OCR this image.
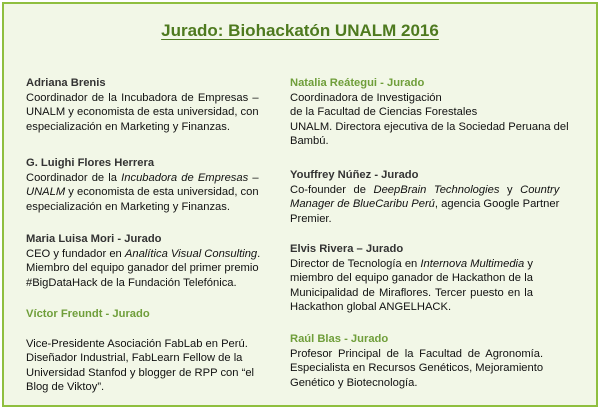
Jurado: Biohackatón UNALM 2016
Adriana Brenis
Coordinador de la Incubadora de Empresas –
UNALM y economista de esta universidad, con
especialización en Marketing y Finanzas.
G. Luighi Flores Herrera
Coordinador de la Incubadora de Empresas –
UNALM y economista de esta universidad, con
especialización en Marketing y Finanzas.
Maria Luisa Mori - Jurado
CEO y fundador en Analítica Visual Consulting.
Miembro del equipo ganador del primer premio
#BigDataHack de la Fundación Telefónica.
Víctor Freundt - Jurado
Vice-Presidente Asociación FabLab en Perú.
Diseñador Industrial, FabLearn Fellow de la
Universidad Stanfod y blogger de RPP con “el
Blog de Viktoy”.
Natalia Reátegui - Jurado
Coordinadora de Investigación
de la Facultad de Ciencias Forestales
UNALM. Directora ejecutiva de la Sociedad Peruana del
Bambú.
Youffrey Núñez - Jurado
Co-founder de DeepBrain Technologies y Country
Manager de BlueCaribu Perú, agencia Google Partner
Premier.
Elvis Rivera – Jurado
Director de Tecnología en Internova Multimedia y
miembro del equipo ganador de Hackathon de la
Municipalidad de Miraflores. Tercer puesto en la
Hackathon global ANGELHACK.
Raúl Blas - Jurado
Profesor Principal de la Facultad de Agronomía.
Especialista en Recursos Genéticos, Mejoramiento
Genético y Biotecnología.
